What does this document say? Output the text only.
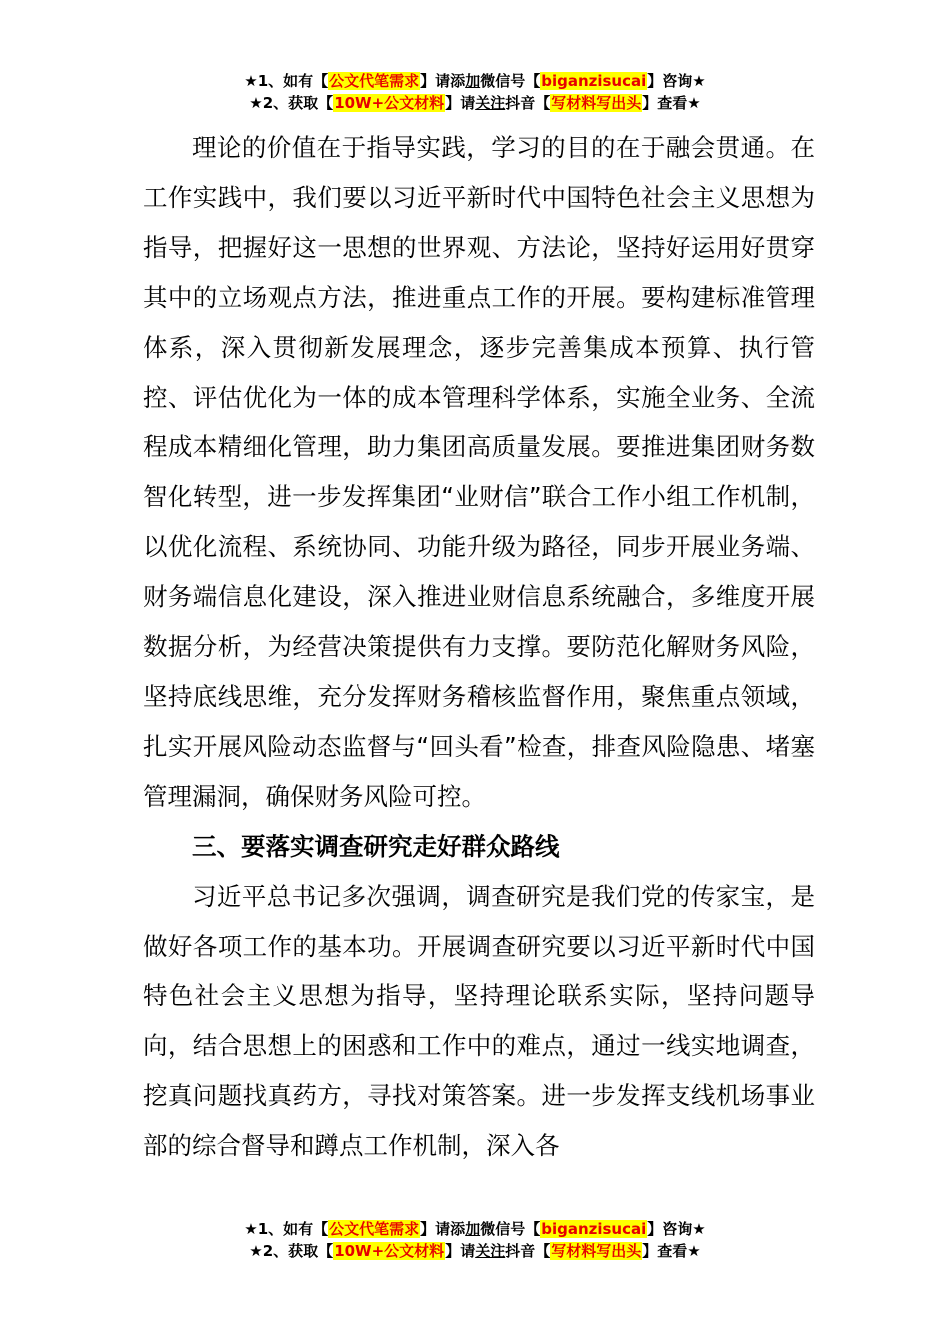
★1、如有【公文代笔需求】请添加微信号【biganzisucai】咨询★
★2、获取【10W+公文材料】请关注抖音【写材料写出头】查看★

理论的价值在于指导实践，学习的目的在于融会贯通。在工作实践中，我们要以习近平新时代中国特色社会主义思想为指导，把握好这一思想的世界观、方法论，坚持好运用好贯穿其中的立场观点方法，推进重点工作的开展。要构建标准管理体系，深入贯彻新发展理念，逐步完善集成本预算、执行管控、评估优化为一体的成本管理科学体系，实施全业务、全流程成本精细化管理，助力集团高质量发展。要推进集团财务数智化转型，进一步发挥集团“业财信”联合工作小组工作机制，以优化流程、系统协同、功能升级为路径，同步开展业务端、财务端信息化建设，深入推进业财信息系统融合，多维度开展数据分析，为经营决策提供有力支撑。要防范化解财务风险，坚持底线思维，充分发挥财务稽核监督作用，聚焦重点领域，扎实开展风险动态监督与“回头看”检查，排查风险隐患、堵塞管理漏洞，确保财务风险可控。

三、要落实调查研究走好群众路线

习近平总书记多次强调，调查研究是我们党的传家宝，是做好各项工作的基本功。开展调查研究要以习近平新时代中国特色社会主义思想为指导，坚持理论联系实际，坚持问题导向，结合思想上的困惑和工作中的难点，通过一线实地调查，挖真问题找真药方，寻找对策答案。进一步发挥支线机场事业部的综合督导和蹲点工作机制，深入各

★1、如有【公文代笔需求】请添加微信号【biganzisucai】咨询★
★2、获取【10W+公文材料】请关注抖音【写材料写出头】查看★
